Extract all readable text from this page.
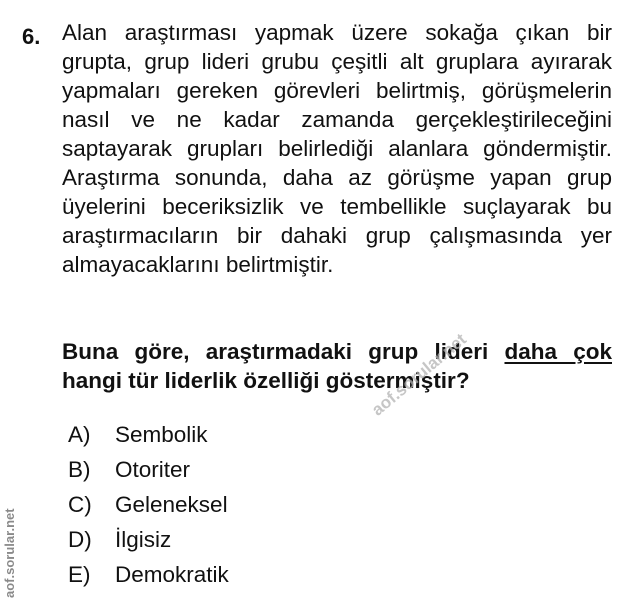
6. Alan araştırması yapmak üzere sokağa çıkan bir grupta, grup lideri grubu çeşitli alt gruplara ayırarak yapmaları gereken görevleri belirtmiş, görüşmelerin nasıl ve ne kadar zamanda gerçekleştirileceğini saptayarak grupları belirlediği alanlara göndermiştir. Araştırma sonunda, daha az görüşme yapan grup üyelerini beceriksizlik ve tembellikle suçlayarak bu araştırmacıların bir dahaki grup çalışmasında yer almayacaklarını belirtmiştir.

Buna göre, araştırmadaki grup lideri daha çok hangi tür liderlik özelliği göstermiştir?

A) Sembolik
B) Otoriter
C) Geleneksel
D) İlgisiz
E) Demokratik
aof.sorular.net
aof.sorular.net
